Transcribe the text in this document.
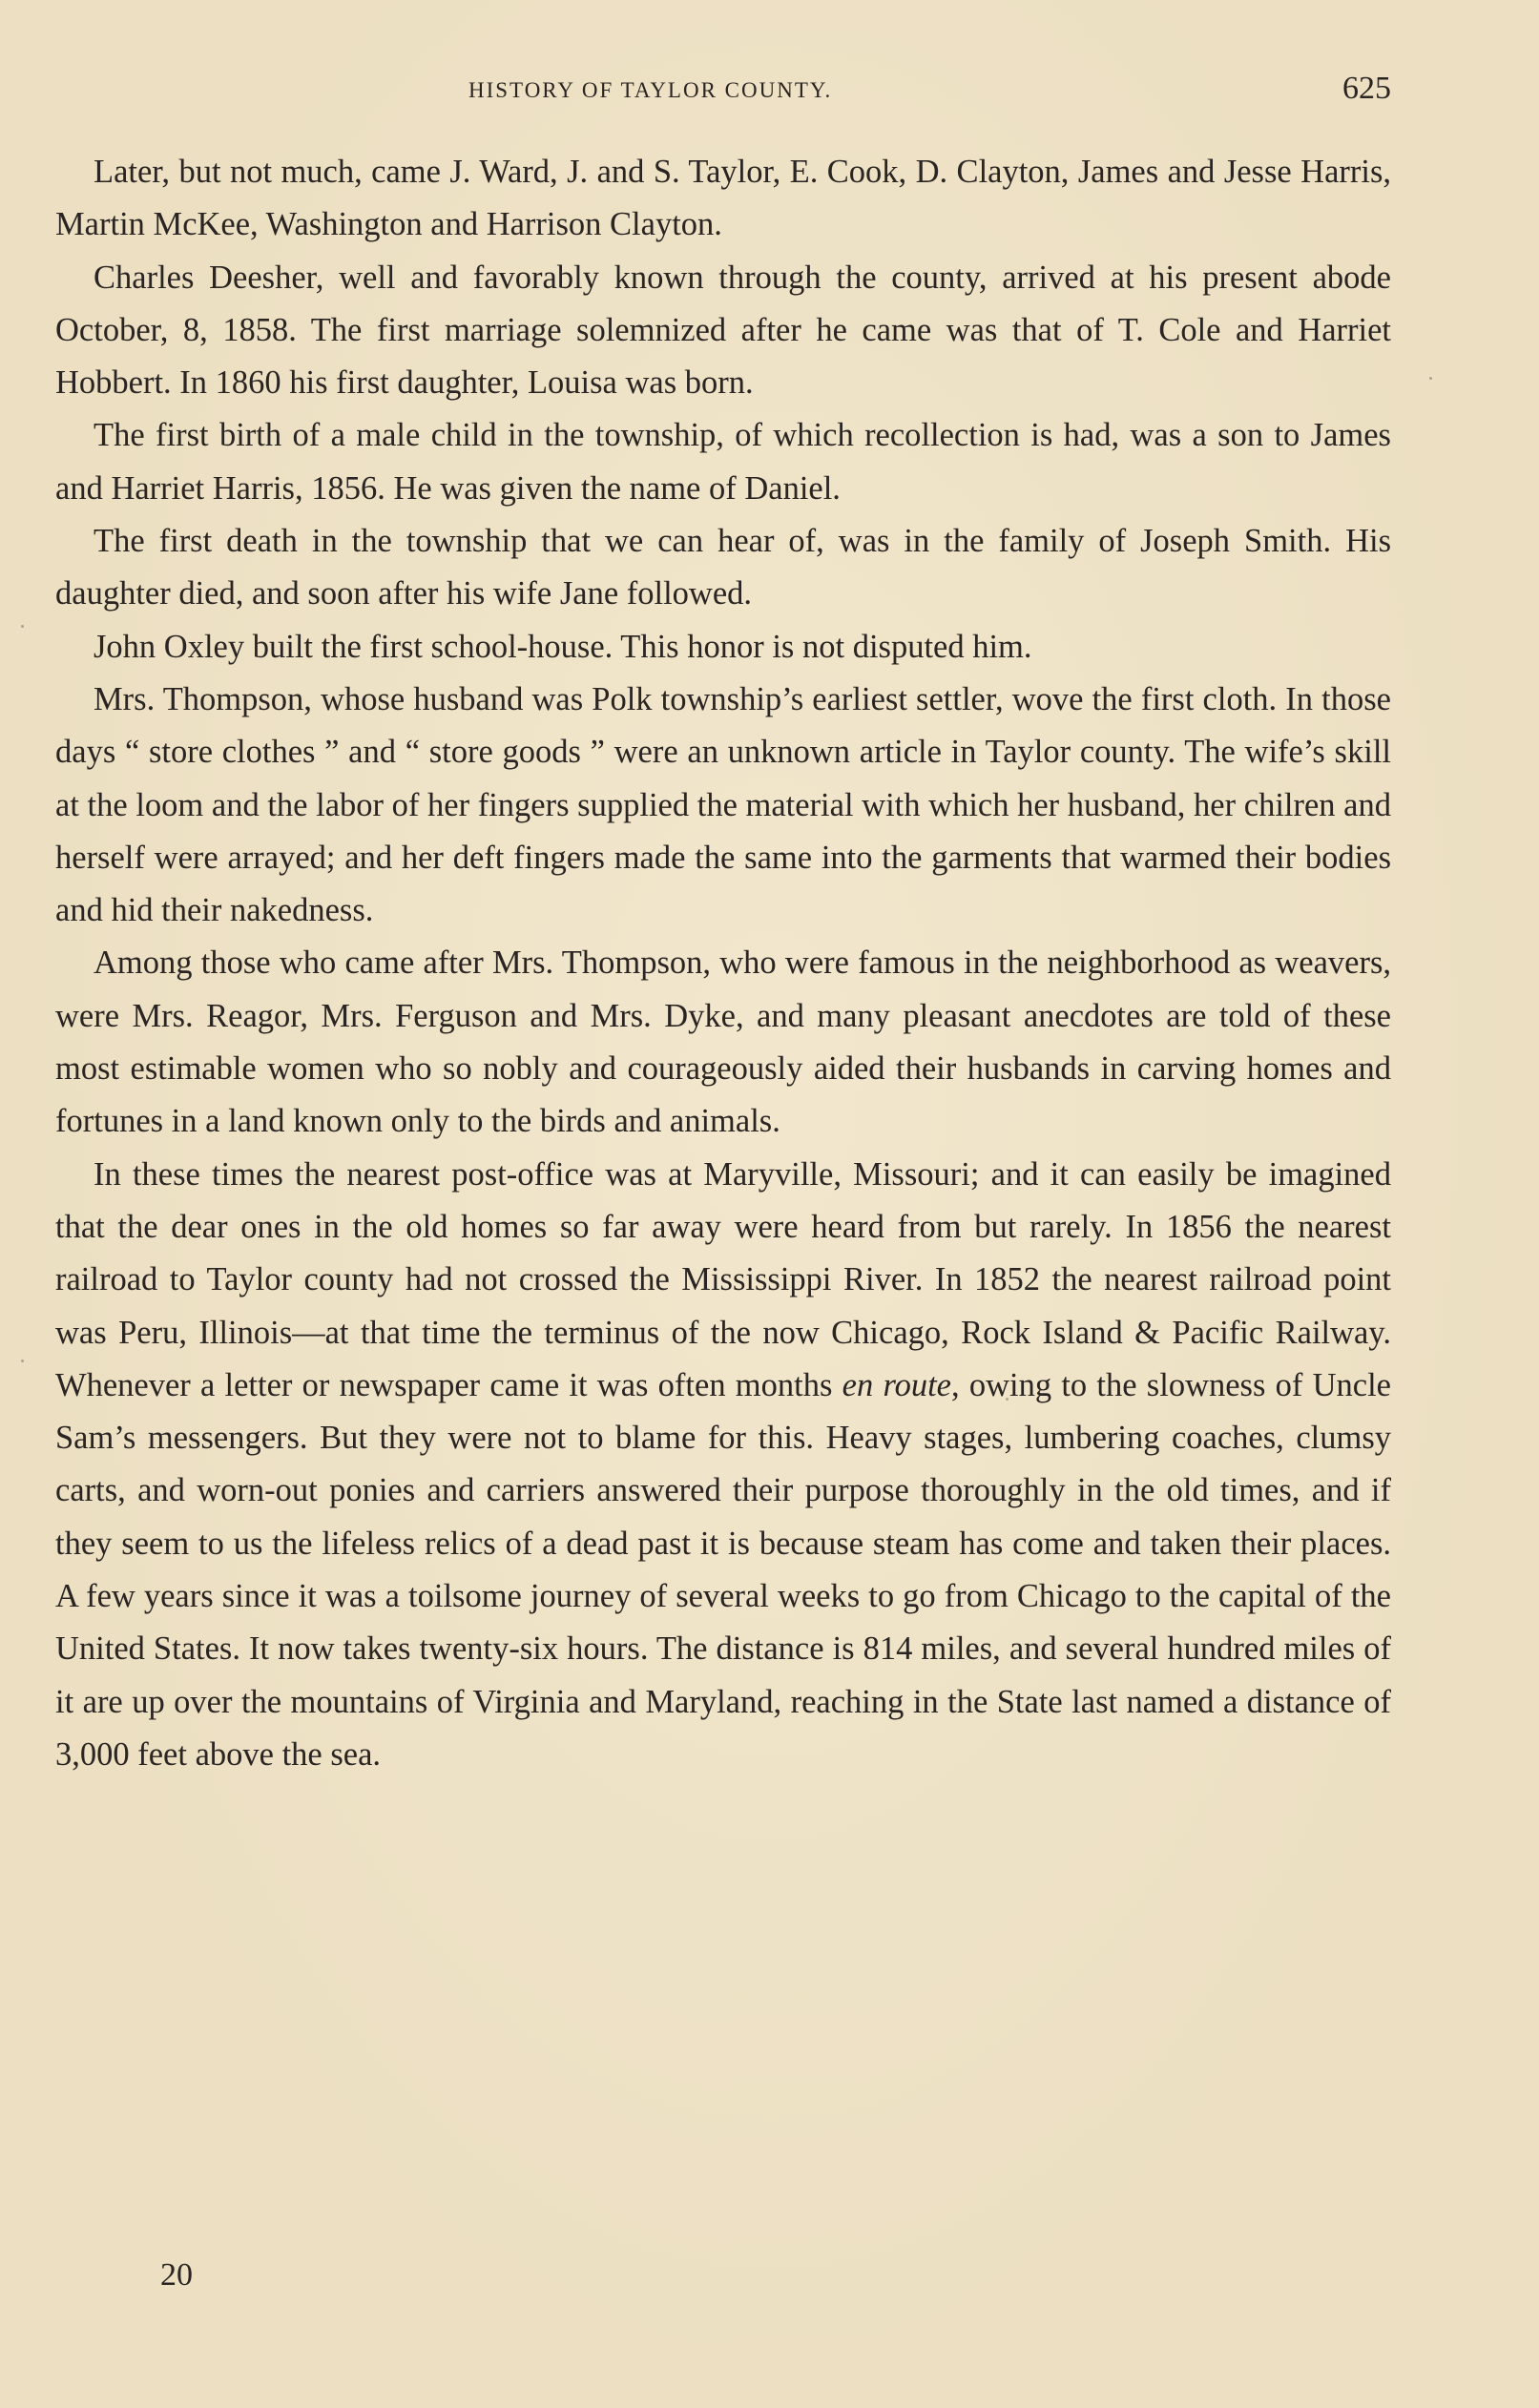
HISTORY OF TAYLOR COUNTY.	625

Later, but not much, came J. Ward, J. and S. Taylor, E. Cook, D. Clayton, James and Jesse Harris, Martin McKee, Washington and Harrison Clayton.

Charles Deesher, well and favorably known through the county, arrived at his present abode October, 8, 1858. The first marriage solemnized after he came was that of T. Cole and Harriet Hobbert. In 1860 his first daughter, Louisa was born.

The first birth of a male child in the township, of which recollection is had, was a son to James and Harriet Harris, 1856. He was given the name of Daniel.

The first death in the township that we can hear of, was in the family of Joseph Smith. His daughter died, and soon after his wife Jane followed.

John Oxley built the first school-house. This honor is not disputed him.

Mrs. Thompson, whose husband was Polk township’s earliest settler, wove the first cloth. In those days “ store clothes ” and “ store goods ” were an unknown article in Taylor county. The wife’s skill at the loom and the labor of her fingers supplied the material with which her husband, her chilren and herself were arrayed; and her deft fingers made the same into the garments that warmed their bodies and hid their nakedness.

Among those who came after Mrs. Thompson, who were famous in the neighborhood as weavers, were Mrs. Reagor, Mrs. Ferguson and Mrs. Dyke, and many pleasant anecdotes are told of these most estimable women who so nobly and courageously aided their husbands in carving homes and fortunes in a land known only to the birds and animals.

In these times the nearest post-office was at Maryville, Missouri; and it can easily be imagined that the dear ones in the old homes so far away were heard from but rarely. In 1856 the nearest railroad to Taylor county had not crossed the Mississippi River. In 1852 the nearest railroad point was Peru, Illinois—at that time the terminus of the now Chicago, Rock Island & Pacific Railway. Whenever a letter or newspaper came it was often months en route, owing to the slowness of Uncle Sam’s messengers. But they were not to blame for this. Heavy stages, lumbering coaches, clumsy carts, and worn-out ponies and carriers answered their purpose thoroughly in the old times, and if they seem to us the lifeless relics of a dead past it is because steam has come and taken their places. A few years since it was a toilsome journey of several weeks to go from Chicago to the capital of the United States. It now takes twenty-six hours. The distance is 814 miles, and several hundred miles of it are up over the mountains of Virginia and Maryland, reaching in the State last named a distance of 3,000 feet above the sea.

20
